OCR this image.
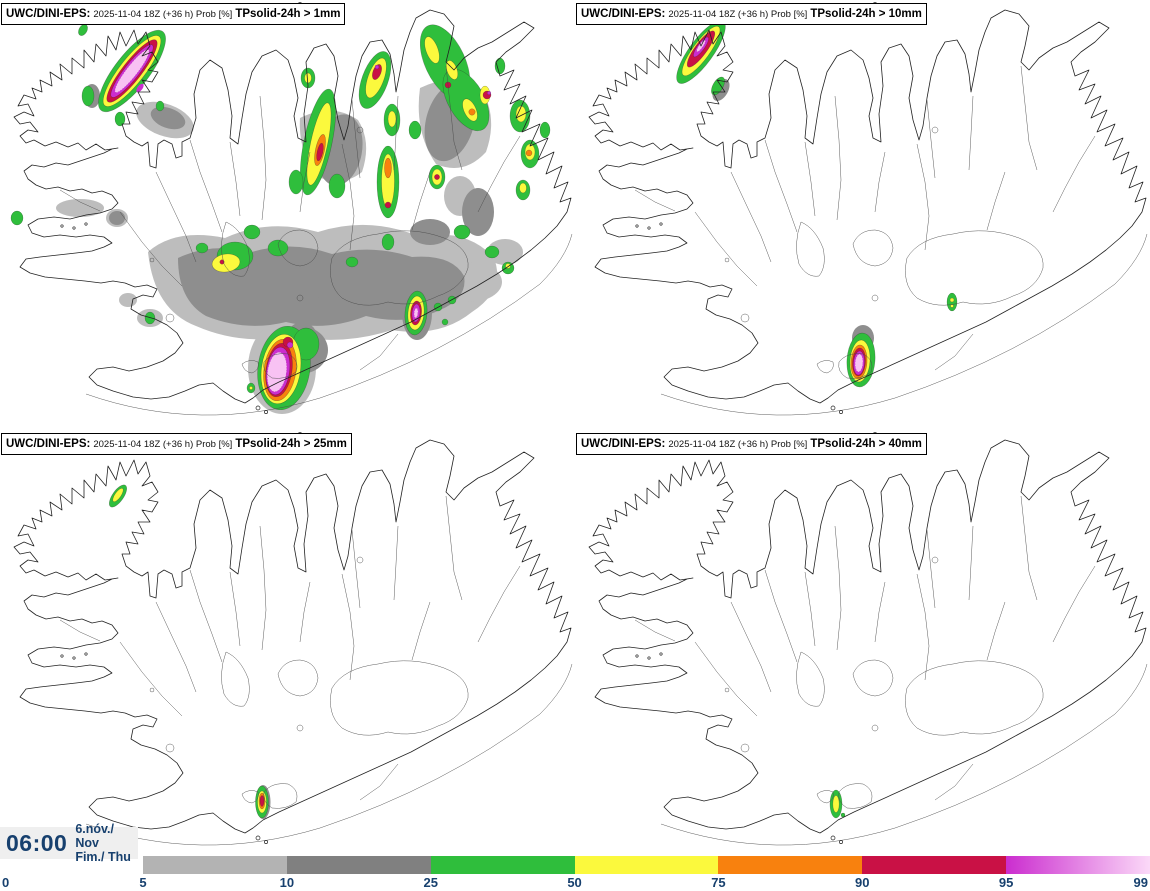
UWC/DINI-EPS: 2025-11-04 18Z (+36 h) Prob [%] TPsolid-24h > 1mm	UWC/DINI-EPS: 2025-11-04 18Z (+36 h) Prob [%] TPsolid-24h > 10mm
UWC/DINI-EPS: 2025-11-04 18Z (+36 h) Prob [%] TPsolid-24h > 25mm	UWC/DINI-EPS: 2025-11-04 18Z (+36 h) Prob [%] TPsolid-24h > 40mm
06:00
6.nóv./ Nov
Fim./ Thu
0	5	10	25	50	75	90	95	99
